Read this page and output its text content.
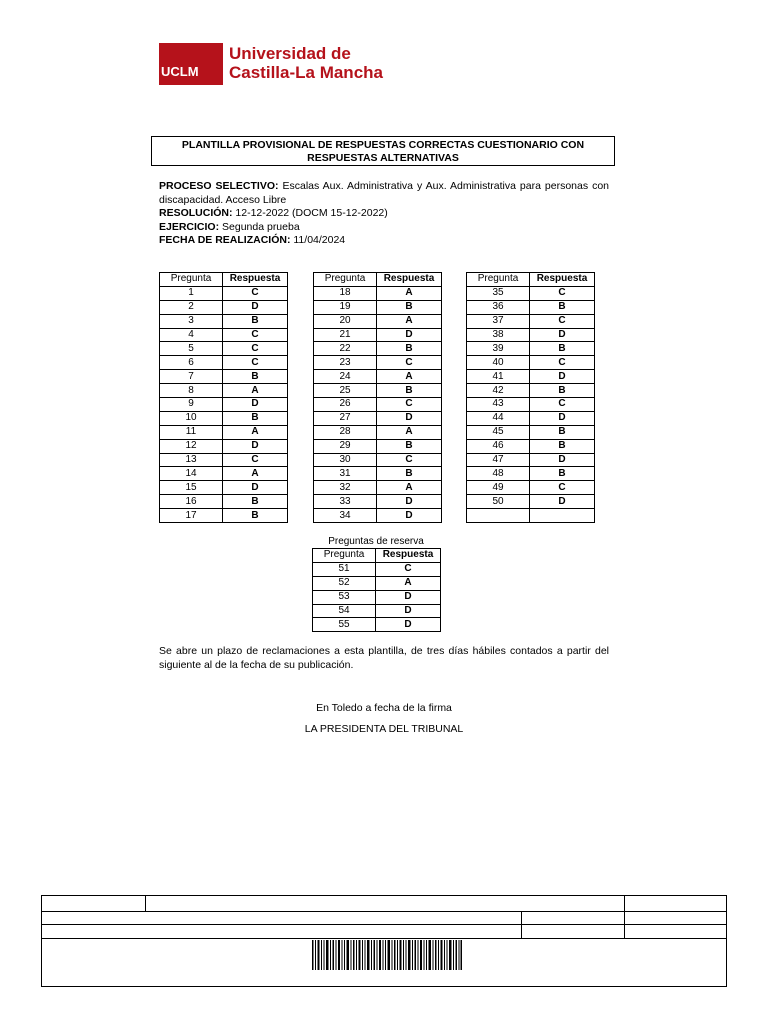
UCLM
Universidad de
Castilla-La Mancha
PLANTILLA PROVISIONAL DE RESPUESTAS CORRECTAS CUESTIONARIO CON RESPUESTAS ALTERNATIVAS
PROCESO SELECTIVO: Escalas Aux. Administrativa y Aux. Administrativa para personas con discapacidad. Acceso Libre
RESOLUCIÓN: 12-12-2022 (DOCM 15-12-2022)
EJERCICIO: Segunda prueba
FECHA DE REALIZACIÓN: 11/04/2024
Pregunta	Respuesta
1	C
2	D
3	B
4	C
5	C
6	C
7	B
8	A
9	D
10	B
11	A
12	D
13	C
14	A
15	D
16	B
17	B
Pregunta	Respuesta
18	A
19	B
20	A
21	D
22	B
23	C
24	A
25	B
26	C
27	D
28	A
29	B
30	C
31	B
32	A
33	D
34	D
Pregunta	Respuesta
35	C
36	B
37	C
38	D
39	B
40	C
41	D
42	B
43	C
44	D
45	B
46	B
47	D
48	B
49	C
50	D

Preguntas de reserva
Pregunta	Respuesta
51	C
52	A
53	D
54	D
55	D
Se abre un plazo de reclamaciones a esta plantilla, de tres días hábiles contados a partir del siguiente al de la fecha de su publicación.
En Toledo a fecha de la firma
LA PRESIDENTA DEL TRIBUNAL
